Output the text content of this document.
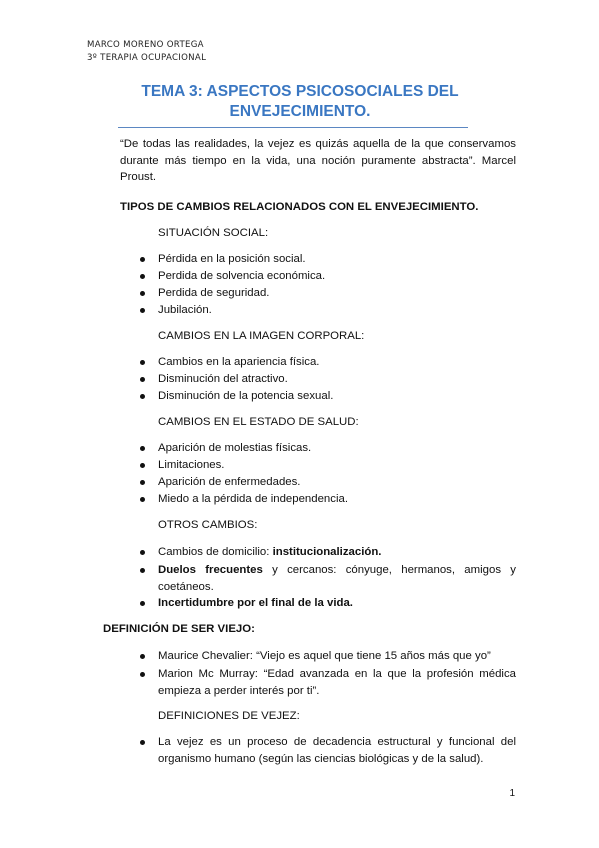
MARCO MORENO ORTEGA
3º TERAPIA OCUPACIONAL
TEMA 3: ASPECTOS PSICOSOCIALES DEL
ENVEJECIMIENTO.
“De todas las realidades, la vejez es quizás aquella de la que conservamos durante más tiempo en la vida, una noción puramente abstracta”. Marcel Proust.
TIPOS DE CAMBIOS RELACIONADOS CON EL ENVEJECIMIENTO.
SITUACIÓN SOCIAL:
Pérdida en la posición social.
Perdida de solvencia económica.
Perdida de seguridad.
Jubilación.
CAMBIOS EN LA IMAGEN CORPORAL:
Cambios en la apariencia física.
Disminución del atractivo.
Disminución de la potencia sexual.
CAMBIOS EN EL ESTADO DE SALUD:
Aparición de molestias físicas.
Limitaciones.
Aparición de enfermedades.
Miedo a la pérdida de independencia.
OTROS CAMBIOS:
Cambios de domicilio: institucionalización.
Duelos frecuentes y cercanos: cónyuge, hermanos, amigos y coetáneos.
Incertidumbre por el final de la vida.
DEFINICIÓN DE SER VIEJO:
Maurice Chevalier: “Viejo es aquel que tiene 15 años más que yo”
Marion Mc Murray: “Edad avanzada en la que la profesión médica empieza a perder interés por ti”.
DEFINICIONES DE VEJEZ:
La vejez es un proceso de decadencia estructural y funcional del organismo humano (según las ciencias biológicas y de la salud).
1
